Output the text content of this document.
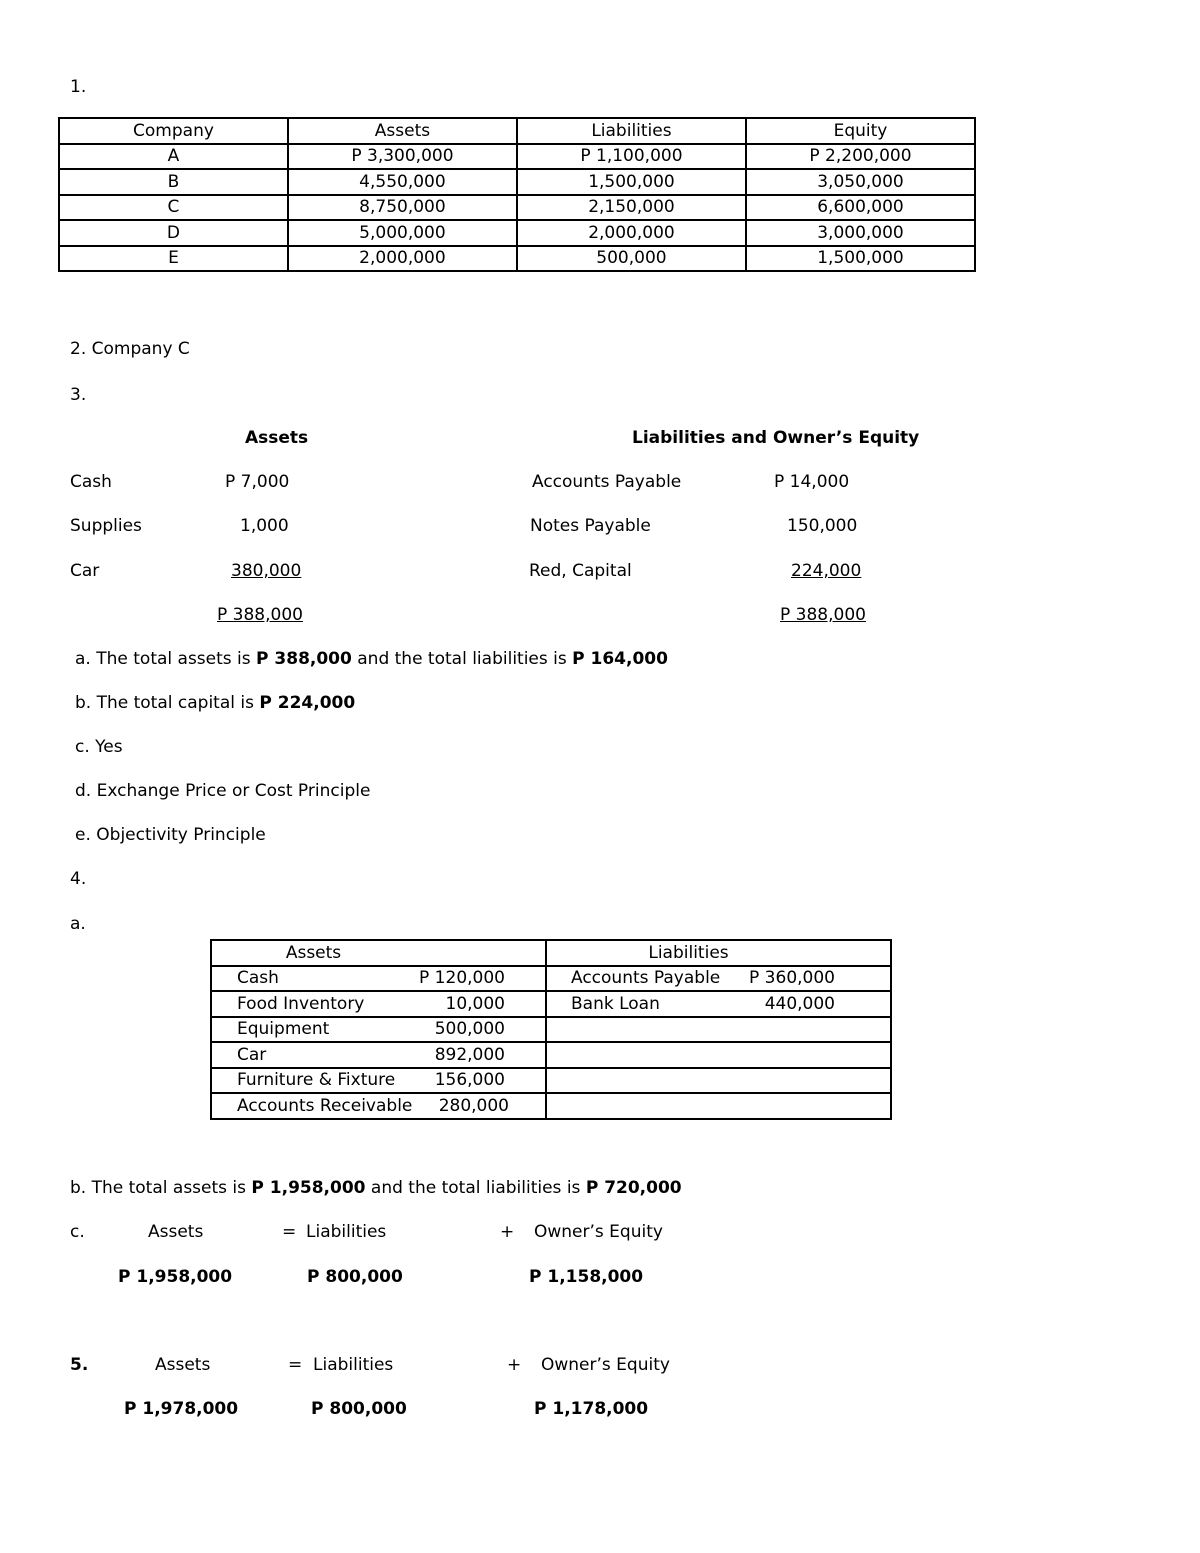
1.
Company	Assets	Liabilities	Equity
A	P 3,300,000	P 1,100,000	P 2,200,000
B	4,550,000	1,500,000	3,050,000
C	8,750,000	2,150,000	6,600,000
D	5,000,000	2,000,000	3,000,000
E	2,000,000	500,000	1,500,000
2. Company C
3.
Assets	Liabilities and Owner’s Equity
Cash	P 7,000	Accounts Payable	P 14,000
Supplies	1,000	Notes Payable	150,000
Car	380,000	Red, Capital	224,000
P 388,000	P 388,000
a. The total assets is P 388,000 and the total liabilities is P 164,000
b. The total capital is P 224,000
c. Yes
d. Exchange Price or Cost Principle
e. Objectivity Principle
4.
a.
Assets	Liabilities

Cash P 120,000	Accounts Payable P 360,000

Food Inventory 10,000	Bank Loan 440,000

Equipment 500,000	

Car 892,000	

Furniture & Fixture 156,000	

Accounts Receivable 280,000	

b. The total assets is P 1,958,000 and the total liabilities is P 720,000
c.	Assets	= Liabilities	+ Owner’s Equity
P 1,958,000	P 800,000	P 1,158,000
5.	Assets	= Liabilities	+ Owner’s Equity
P 1,978,000	P 800,000	P 1,178,000
